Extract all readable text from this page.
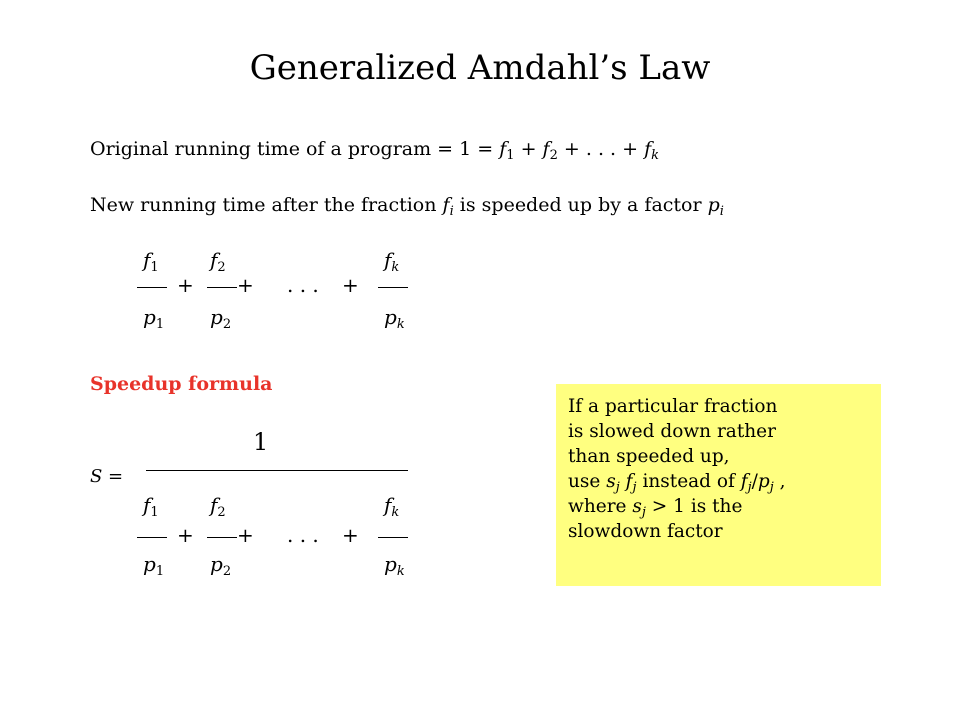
Generalized Amdahl’s Law
Original running time of a program = $1 = f_1 + f_2$ + . . . + $f_k$
New running time after the fraction $f_i$ is speeded up by a factor $p_i$
$f_1$
$p_1$
+
$f_2$
$p_2$
+ . . . +
$f_k$
$p_k$
Speedup formula
1
S =
$f_1$
$p_1$
+
$f_2$
$p_2$
+ . . . +
$f_k$
$p_k$
If a particular fraction
is slowed down rather
than speeded up,
use $s_j$ $f_j$ instead of $f_j/p_j$ ,
where $s_j > 1$ is the
slowdown factor
